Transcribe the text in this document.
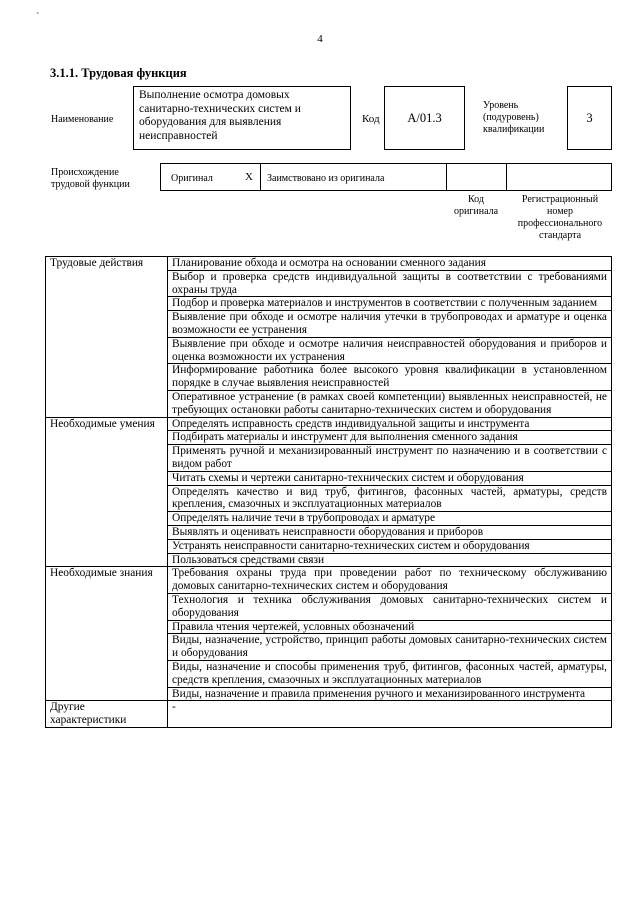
`
4
3.1.1. Трудовая функция
Наименование
Выполнение осмотра домовых санитарно-технических систем и оборудования для выявления неисправностей
Код	А/01.3
Уровень (подуровень) квалификации
3
Происхождение трудовой функции
Оригинал	X Заимствовано из оригинала
Код оригинала
Регистрационный номер профессионального стандарта
Трудовые действия	Планирование обхода и осмотра на основании сменного задания
	Выбор и проверка средств индивидуальной защиты в соответствии с требованиями охраны труда
	Подбор и проверка материалов и инструментов в соответствии с полученным заданием
	Выявление при обходе и осмотре наличия утечки в трубопроводах и арматуре и оценка возможности ее устранения
	Выявление при обходе и осмотре наличия неисправностей оборудования и приборов и оценка возможности их устранения
	Информирование работника более высокого уровня квалификации в установленном порядке в случае выявления неисправностей
	Оперативное устранение (в рамках своей компетенции) выявленных неисправностей, не требующих остановки работы санитарно-технических систем и оборудования
Необходимые умения	Определять исправность средств индивидуальной защиты и инструмента
	Подбирать материалы и инструмент для выполнения сменного задания
	Применять ручной и механизированный инструмент по назначению и в соответствии с видом работ
	Читать схемы и чертежи санитарно-технических систем и оборудования
	Определять качество и вид труб, фитингов, фасонных частей, арматуры, средств крепления, смазочных и эксплуатационных материалов
	Определять наличие течи в трубопроводах и арматуре
	Выявлять и оценивать неисправности оборудования и приборов
	Устранять неисправности санитарно-технических систем и оборудования
	Пользоваться средствами связи
Необходимые знания	Требования охраны труда при проведении работ по техническому обслуживанию домовых санитарно-технических систем и оборудования
	Технология и техника обслуживания домовых санитарно-технических систем и оборудования
	Правила чтения чертежей, условных обозначений
	Виды, назначение, устройство, принцип работы домовых санитарно-технических систем и оборудования
	Виды, назначение и способы применения труб, фитингов, фасонных частей, арматуры, средств крепления, смазочных и эксплуатационных материалов
	Виды, назначение и правила применения ручного и механизированного инструмента
Другие характеристики	-
